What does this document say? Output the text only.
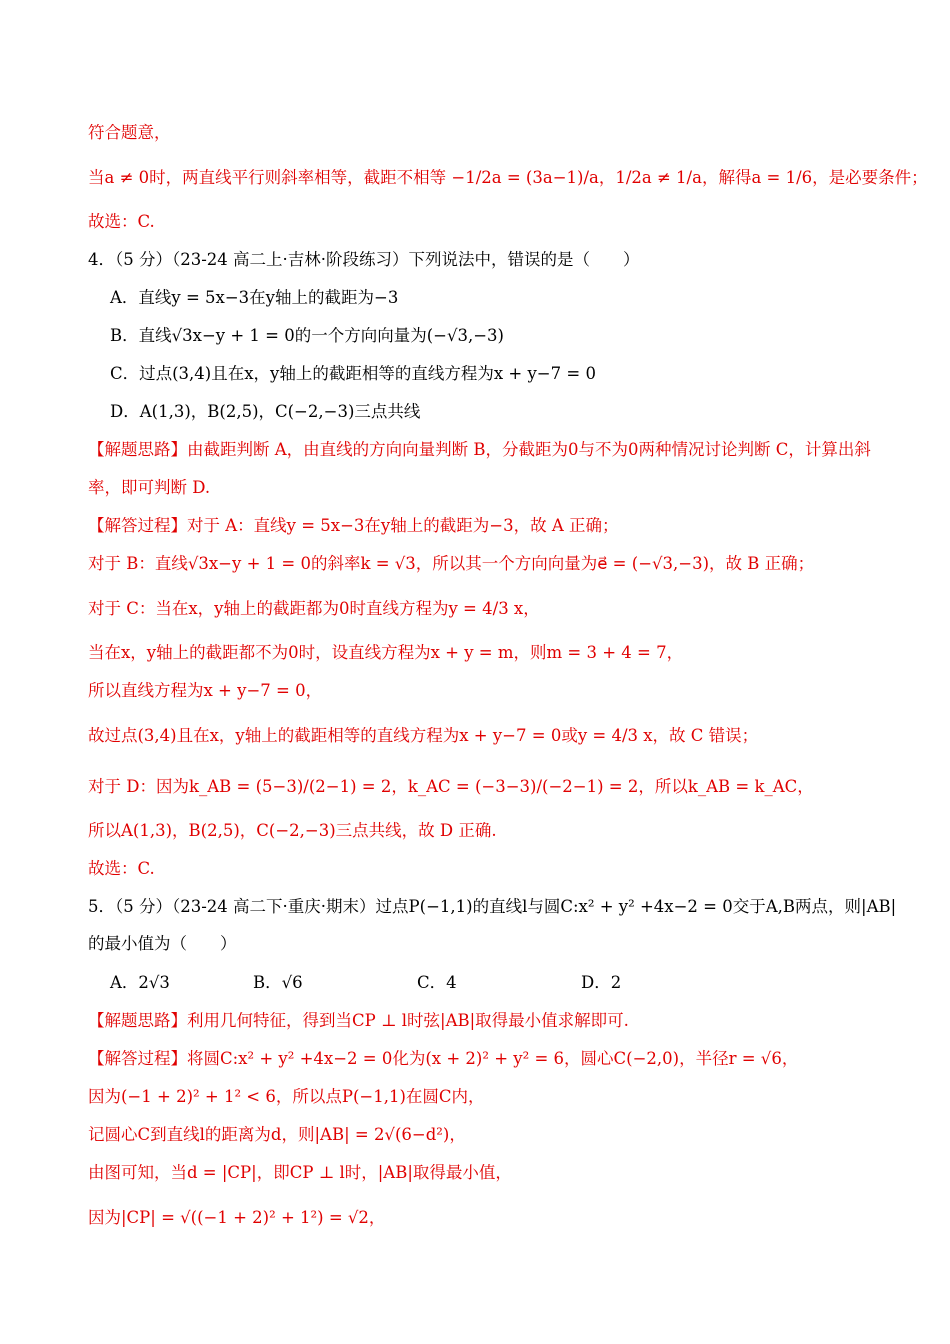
符合题意，
当a ≠ 0时，两直线平行则斜率相等，截距不相等 −1/2a = (3a−1)/a，1/2a ≠ 1/a，解得a = 1/6，是必要条件；
故选：C.
4．（5 分）（23-24 高二上·吉林·阶段练习）下列说法中，错误的是（　　）
A．直线y = 5x−3在y轴上的截距为−3
B．直线√3x−y + 1 = 0的一个方向向量为(−√3,−3)
C．过点(3,4)且在x，y轴上的截距相等的直线方程为x + y−7 = 0
D．A(1,3)，B(2,5)，C(−2,−3)三点共线
【解题思路】由截距判断 A，由直线的方向向量判断 B，分截距为0与不为0两种情况讨论判断 C，计算出斜
率，即可判断 D.
【解答过程】对于 A：直线y = 5x−3在y轴上的截距为−3，故 A 正确；
对于 B：直线√3x−y + 1 = 0的斜率k = √3，所以其一个方向向量为e⃗ = (−√3,−3)，故 B 正确；
对于 C：当在x，y轴上的截距都为0时直线方程为y = 4/3 x，
当在x，y轴上的截距都不为0时，设直线方程为x + y = m，则m = 3 + 4 = 7，
所以直线方程为x + y−7 = 0，
故过点(3,4)且在x，y轴上的截距相等的直线方程为x + y−7 = 0或y = 4/3 x，故 C 错误；
对于 D：因为k_AB = (5−3)/(2−1) = 2，k_AC = (−3−3)/(−2−1) = 2，所以k_AB = k_AC，
所以A(1,3)，B(2,5)，C(−2,−3)三点共线，故 D 正确.
故选：C.
5．（5 分）（23-24 高二下·重庆·期末）过点P(−1,1)的直线l与圆C:x² + y² +4x−2 = 0交于A,B两点，则|AB|
的最小值为（　　）
A．2√3	B．√6	C．4	D．2
【解题思路】利用几何特征，得到当CP ⊥ l时弦|AB|取得最小值求解即可.
【解答过程】将圆C:x² + y² +4x−2 = 0化为(x + 2)² + y² = 6，圆心C(−2,0)，半径r = √6，
因为(−1 + 2)² + 1² < 6，所以点P(−1,1)在圆C内，
记圆心C到直线l的距离为d，则|AB| = 2√(6−d²)，
由图可知，当d = |CP|，即CP ⊥ l时，|AB|取得最小值，
因为|CP| = √((−1 + 2)² + 1²) = √2，
